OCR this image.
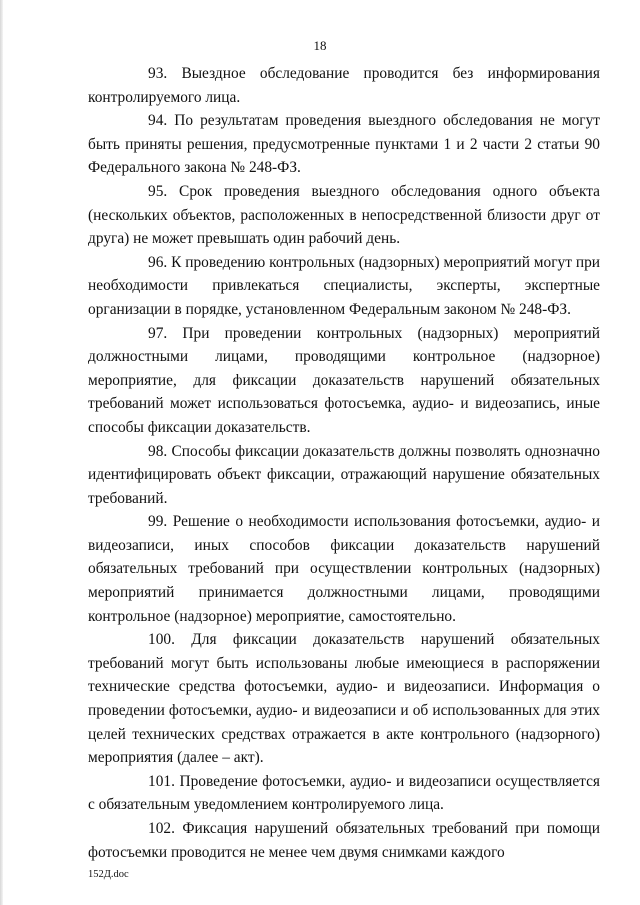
18

93. Выездное обследование проводится без информирования контролируемого лица.

94. По результатам проведения выездного обследования не могут быть приняты решения, предусмотренные пунктами 1 и 2 части 2 статьи 90 Федерального закона № 248-ФЗ.

95. Срок проведения выездного обследования одного объекта (нескольких объектов, расположенных в непосредственной близости друг от друга) не может превышать один рабочий день.

96. К проведению контрольных (надзорных) мероприятий могут при необходимости привлекаться специалисты, эксперты, экспертные организации в порядке, установленном Федеральным законом № 248-ФЗ.

97. При проведении контрольных (надзорных) мероприятий должностными лицами, проводящими контрольное (надзорное) мероприятие, для фиксации доказательств нарушений обязательных требований может использоваться фотосъемка, аудио- и видеозапись, иные способы фиксации доказательств.

98. Способы фиксации доказательств должны позволять однозначно идентифицировать объект фиксации, отражающий нарушение обязательных требований.

99. Решение о необходимости использования фотосъемки, аудио- и видеозаписи, иных способов фиксации доказательств нарушений обязательных требований при осуществлении контрольных (надзорных) мероприятий принимается должностными лицами, проводящими контрольное (надзорное) мероприятие, самостоятельно.

100. Для фиксации доказательств нарушений обязательных требований могут быть использованы любые имеющиеся в распоряжении технические средства фотосъемки, аудио- и видеозаписи. Информация о проведении фотосъемки, аудио- и видеозаписи и об использованных для этих целей технических средствах отражается в акте контрольного (надзорного) мероприятия (далее – акт).

101. Проведение фотосъемки, аудио- и видеозаписи осуществляется с обязательным уведомлением контролируемого лица.

102. Фиксация нарушений обязательных требований при помощи фотосъемки проводится не менее чем двумя снимками каждого

152Д.doc
